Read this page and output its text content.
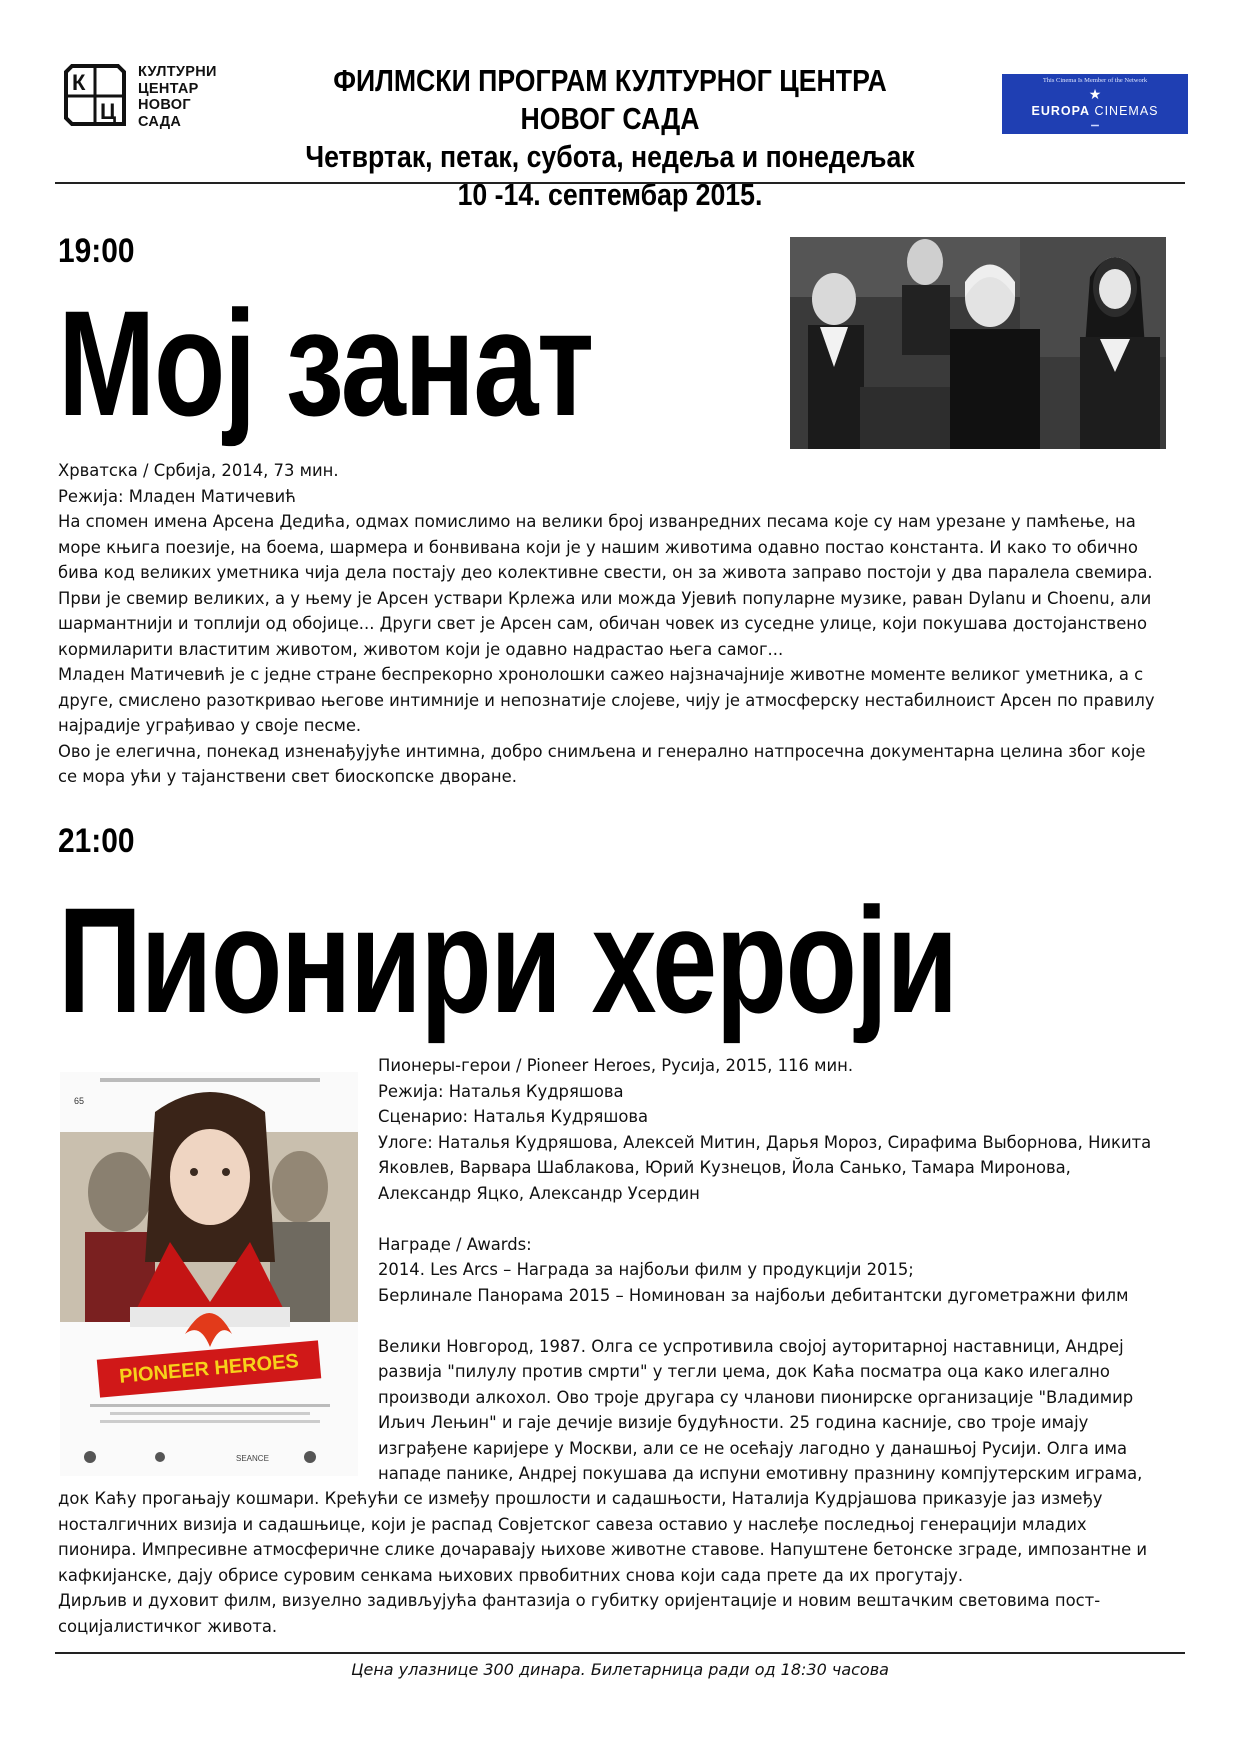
К
Ц
КУЛТУРНИ
ЦЕНТАР
НОВОГ
САДА
ФИЛМСКИ ПРОГРАМ КУЛТУРНОГ ЦЕНТРА НОВОГ САДА
Четвртак, петак, субота, недеља и понедељак
10 -14. септембар 2015.
This Cinema Is Member of the Network
★
EUROPA CINEMAS
▂▂
19:00
Мој занат
Хрватска / Србија, 2014, 73 мин.
Режија: Младен Матичевић
На спомен имена Арсена Дедића, одмах помислимо на велики број изванредних песама које су нам урезане у памћење, на
море књига поезије, на боема, шармера и бонвивана који је у нашим животима одавно постао константа. И како то обично
бива код великих уметника чија дела постају део колективне свести, он за живота заправо постоји у два паралела свемира.
Први је свемир великих, а у њему је Арсен уствари Крлежа или можда Ујевић популарне музике, раван Dylanu и Choenu, али
шармантнији и топлији од обојице... Други свет је Арсен сам, обичан човек из суседне улице, који покушава достојанствено
кормиларити властитим животом, животом који је одавно надрастао њега самог...
Младен Матичевић је с једне стране беспрекорно хронолошки сажео најзначајније животне моменте великог уметника, а с
друге, смислено разоткривао његове интимније и непознатије слојеве, чију је атмосферску нестабилноист Арсен по правилу
најрадије уграђивао у своје песме.
Ово је елегична, понекад изненађујуће интимна, добро снимљена и генерално натпросечна документарна целина због које
се мора ући у тајанствени свет биоскопске дворане.
21:00
Пионири хероји
65
PIONEER HEROES
SEANCE
Пионеры-герои / Pioneer Heroes, Русија, 2015, 116 мин.
Режија: Наталья Кудряшова
Сценарио: Наталья Кудряшова
Улоге: Наталья Кудряшова, Алексей Митин, Дарья Мороз, Сирафима Выборнова, Никита
Яковлев, Варвара Шаблакова, Юрий Кузнецов, Йола Санько, Тамара Миронова,
Александр Яцко, Александр Усердин

Награде / Awards:
2014. Les Arcs – Награда за најбољи филм у продукцији 2015;
Берлинале Панорама 2015 – Номинован за најбољи дебитантски дугометражни филм

Велики Новгород, 1987. Олга се успротивила својој ауторитарној наставници, Андреј
развија "пилулу против смрти" у тегли џема, док Каћа посматра оца како илегално
производи алкохол. Ово троје другара су чланови пионирске организације "Владимир
Иљич Лењин" и гаје дечије визије будућности. 25 година касније, сво троје имају
изграђене каријере у Москви, али се не осећају лагодно у данашњој Русији. Олга има
нападе панике, Андреј покушава да испуни емотивну празнину компјутерским играма,
док Каћу прогањају кошмари. Крећући се између прошлости и садашњости, Наталија Кудрјашова приказује јаз између
носталгичних визија и садашњице, који је распад Совјетског савеза оставио у наслеђе последњој генерацији младих
пионира. Импресивне атмосферичне слике дочаравају њихове животне ставове. Напуштене бетонске зграде, импозантне и
кафкијанске, дају обрисе суровим сенкама њихових првобитних снова који сада прете да их прогутају.
Дирљив и духовит филм, визуелно задивљујућа фантазија о губитку оријентације и новим вештачким световима пост-
социјалистичког живота.
Цена улазнице 300 динара. Билетарница ради од 18:30 часова
